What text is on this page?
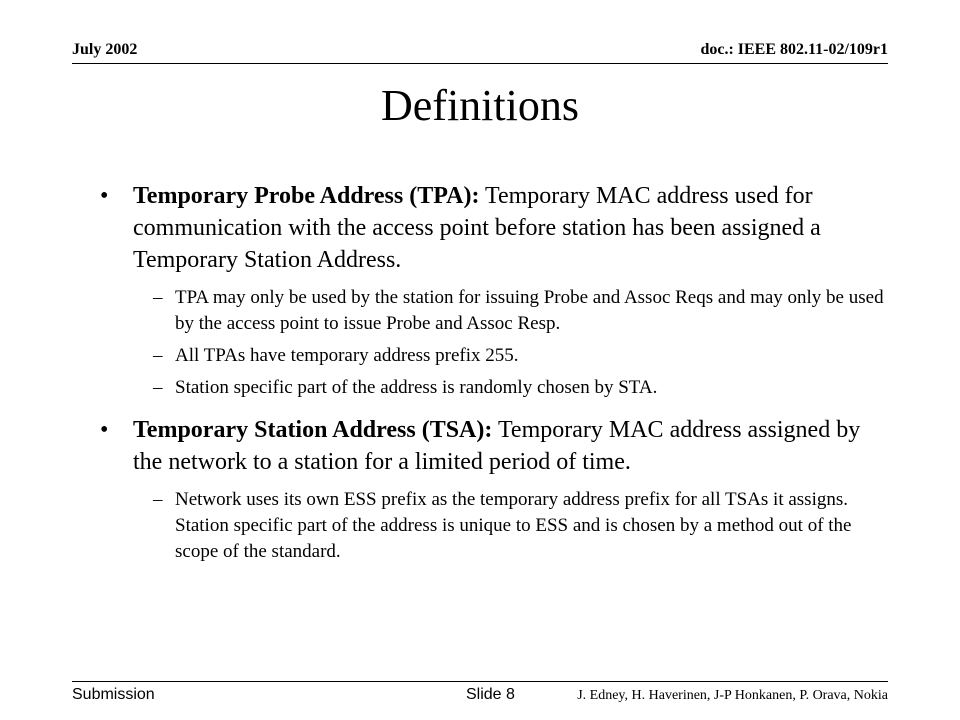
July 2002	doc.: IEEE 802.11-02/109r1
Definitions
• Temporary Probe Address (TPA): Temporary MAC address used for communication with the access point before station has been assigned a Temporary Station Address.
– TPA may only be used by the station for issuing Probe and Assoc Reqs and may only be used by the access point to issue Probe and Assoc Resp.
– All TPAs have temporary address prefix 255.
– Station specific part of the address is randomly chosen by STA.
• Temporary Station Address (TSA): Temporary MAC address assigned by the network to a station for a limited period of time.
– Network uses its own ESS prefix as the temporary address prefix for all TSAs it assigns. Station specific part of the address is unique to ESS and is chosen by a method out of the scope of the standard.
Submission	Slide 8	J. Edney, H. Haverinen, J-P Honkanen, P. Orava, Nokia
